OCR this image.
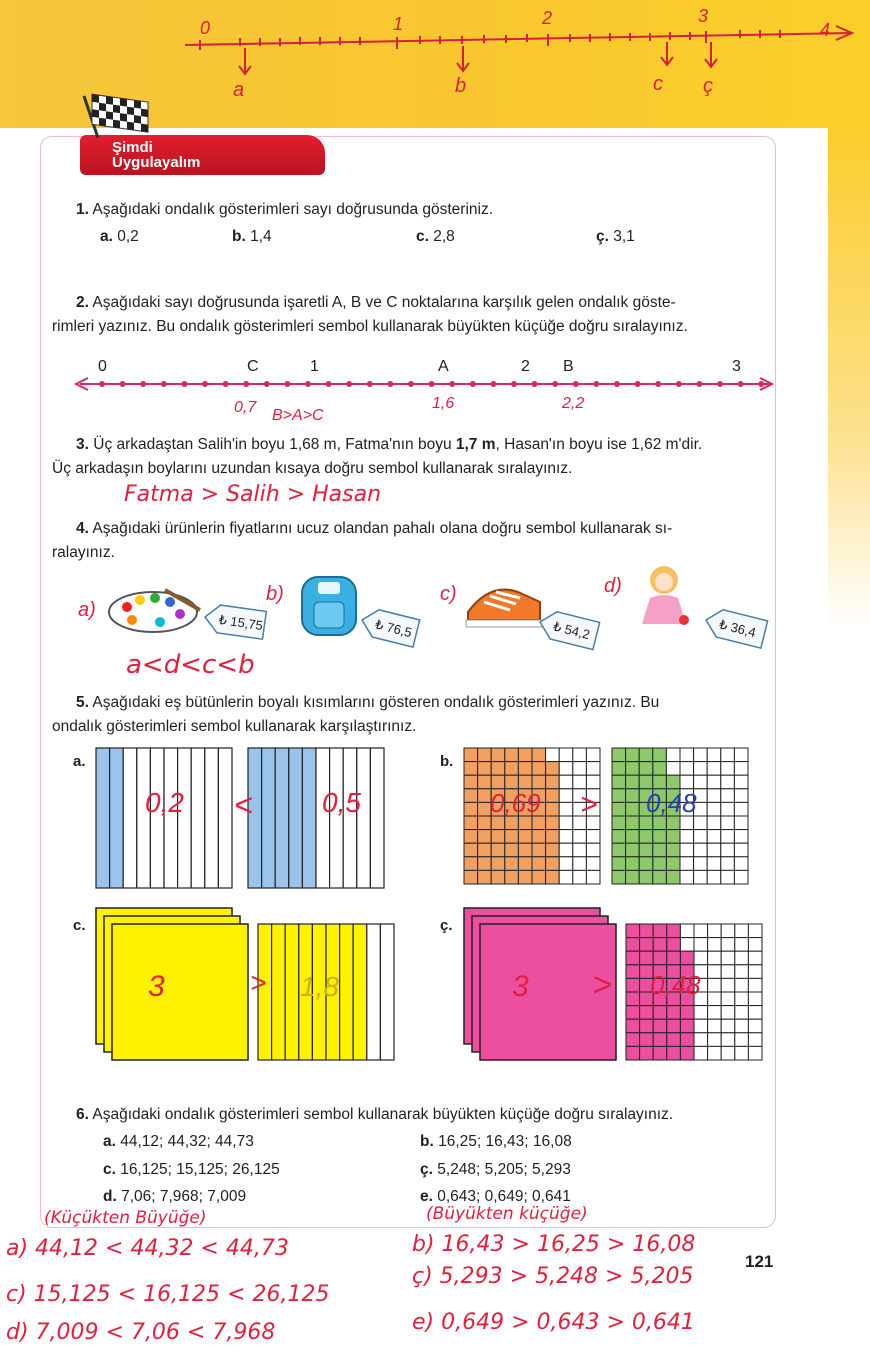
0	1	2	3
4
a	b	c ç
Şimdi
Uygulayalım
1. Aşağıdaki ondalık gösterimleri sayı doğrusunda gösteriniz.
a. 0,2	b. 1,4	c. 2,8	ç. 3,1
2. Aşağıdaki sayı doğrusunda işaretli A, B ve C noktalarına karşılık gelen ondalık göste-
rimleri yazınız. Bu ondalık gösterimleri sembol kullanarak büyükten küçüğe doğru sıralayınız.
0	C	1	A	2 B	3
0,7 B>A>C
1,6	2,2
3. Üç arkadaştan Salih'in boyu 1,68 m, Fatma'nın boyu 1,7 m, Hasan'ın boyu ise 1,62 m'dir.
Üç arkadaşın boylarını uzundan kısaya doğru sembol kullanarak sıralayınız.
Fatma > Salih > Hasan
4. Aşağıdaki ürünlerin fiyatlarını ucuz olandan pahalı olana doğru sembol kullanarak sı-
ralayınız.
₺ 15,75	₺ 76,5	₺ 54,2	₺ 36,4
a)
b)	c)	d)
a<d<c<b
5. Aşağıdaki eş bütünlerin boyalı kısımlarını gösteren ondalık gösterimleri yazınız. Bu
ondalık gösterimleri sembol kullanarak karşılaştırınız.
a.	b.
c.	ç.
0,2 < 0,5	0,69 > 0,48
3	> 1,8	3 > 0,48
6. Aşağıdaki ondalık gösterimleri sembol kullanarak büyükten küçüğe doğru sıralayınız.
a. 44,12; 44,32; 44,73	b. 16,25; 16,43; 16,08
c. 16,125; 15,125; 26,125	ç. 5,248; 5,205; 5,293
d. 7,06; 7,968; 7,009	e. 0,643; 0,649; 0,641
(Küçükten Büyüğe)	(Büyükten küçüğe)
a) 44,12 < 44,32 < 44,73	b) 16,43 > 16,25 > 16,08
c) 15,125 < 16,125 < 26,125
ç) 5,293 > 5,248 > 5,205
d) 7,009 < 7,06 < 7,968	e) 0,649 > 0,643 > 0,641
121
